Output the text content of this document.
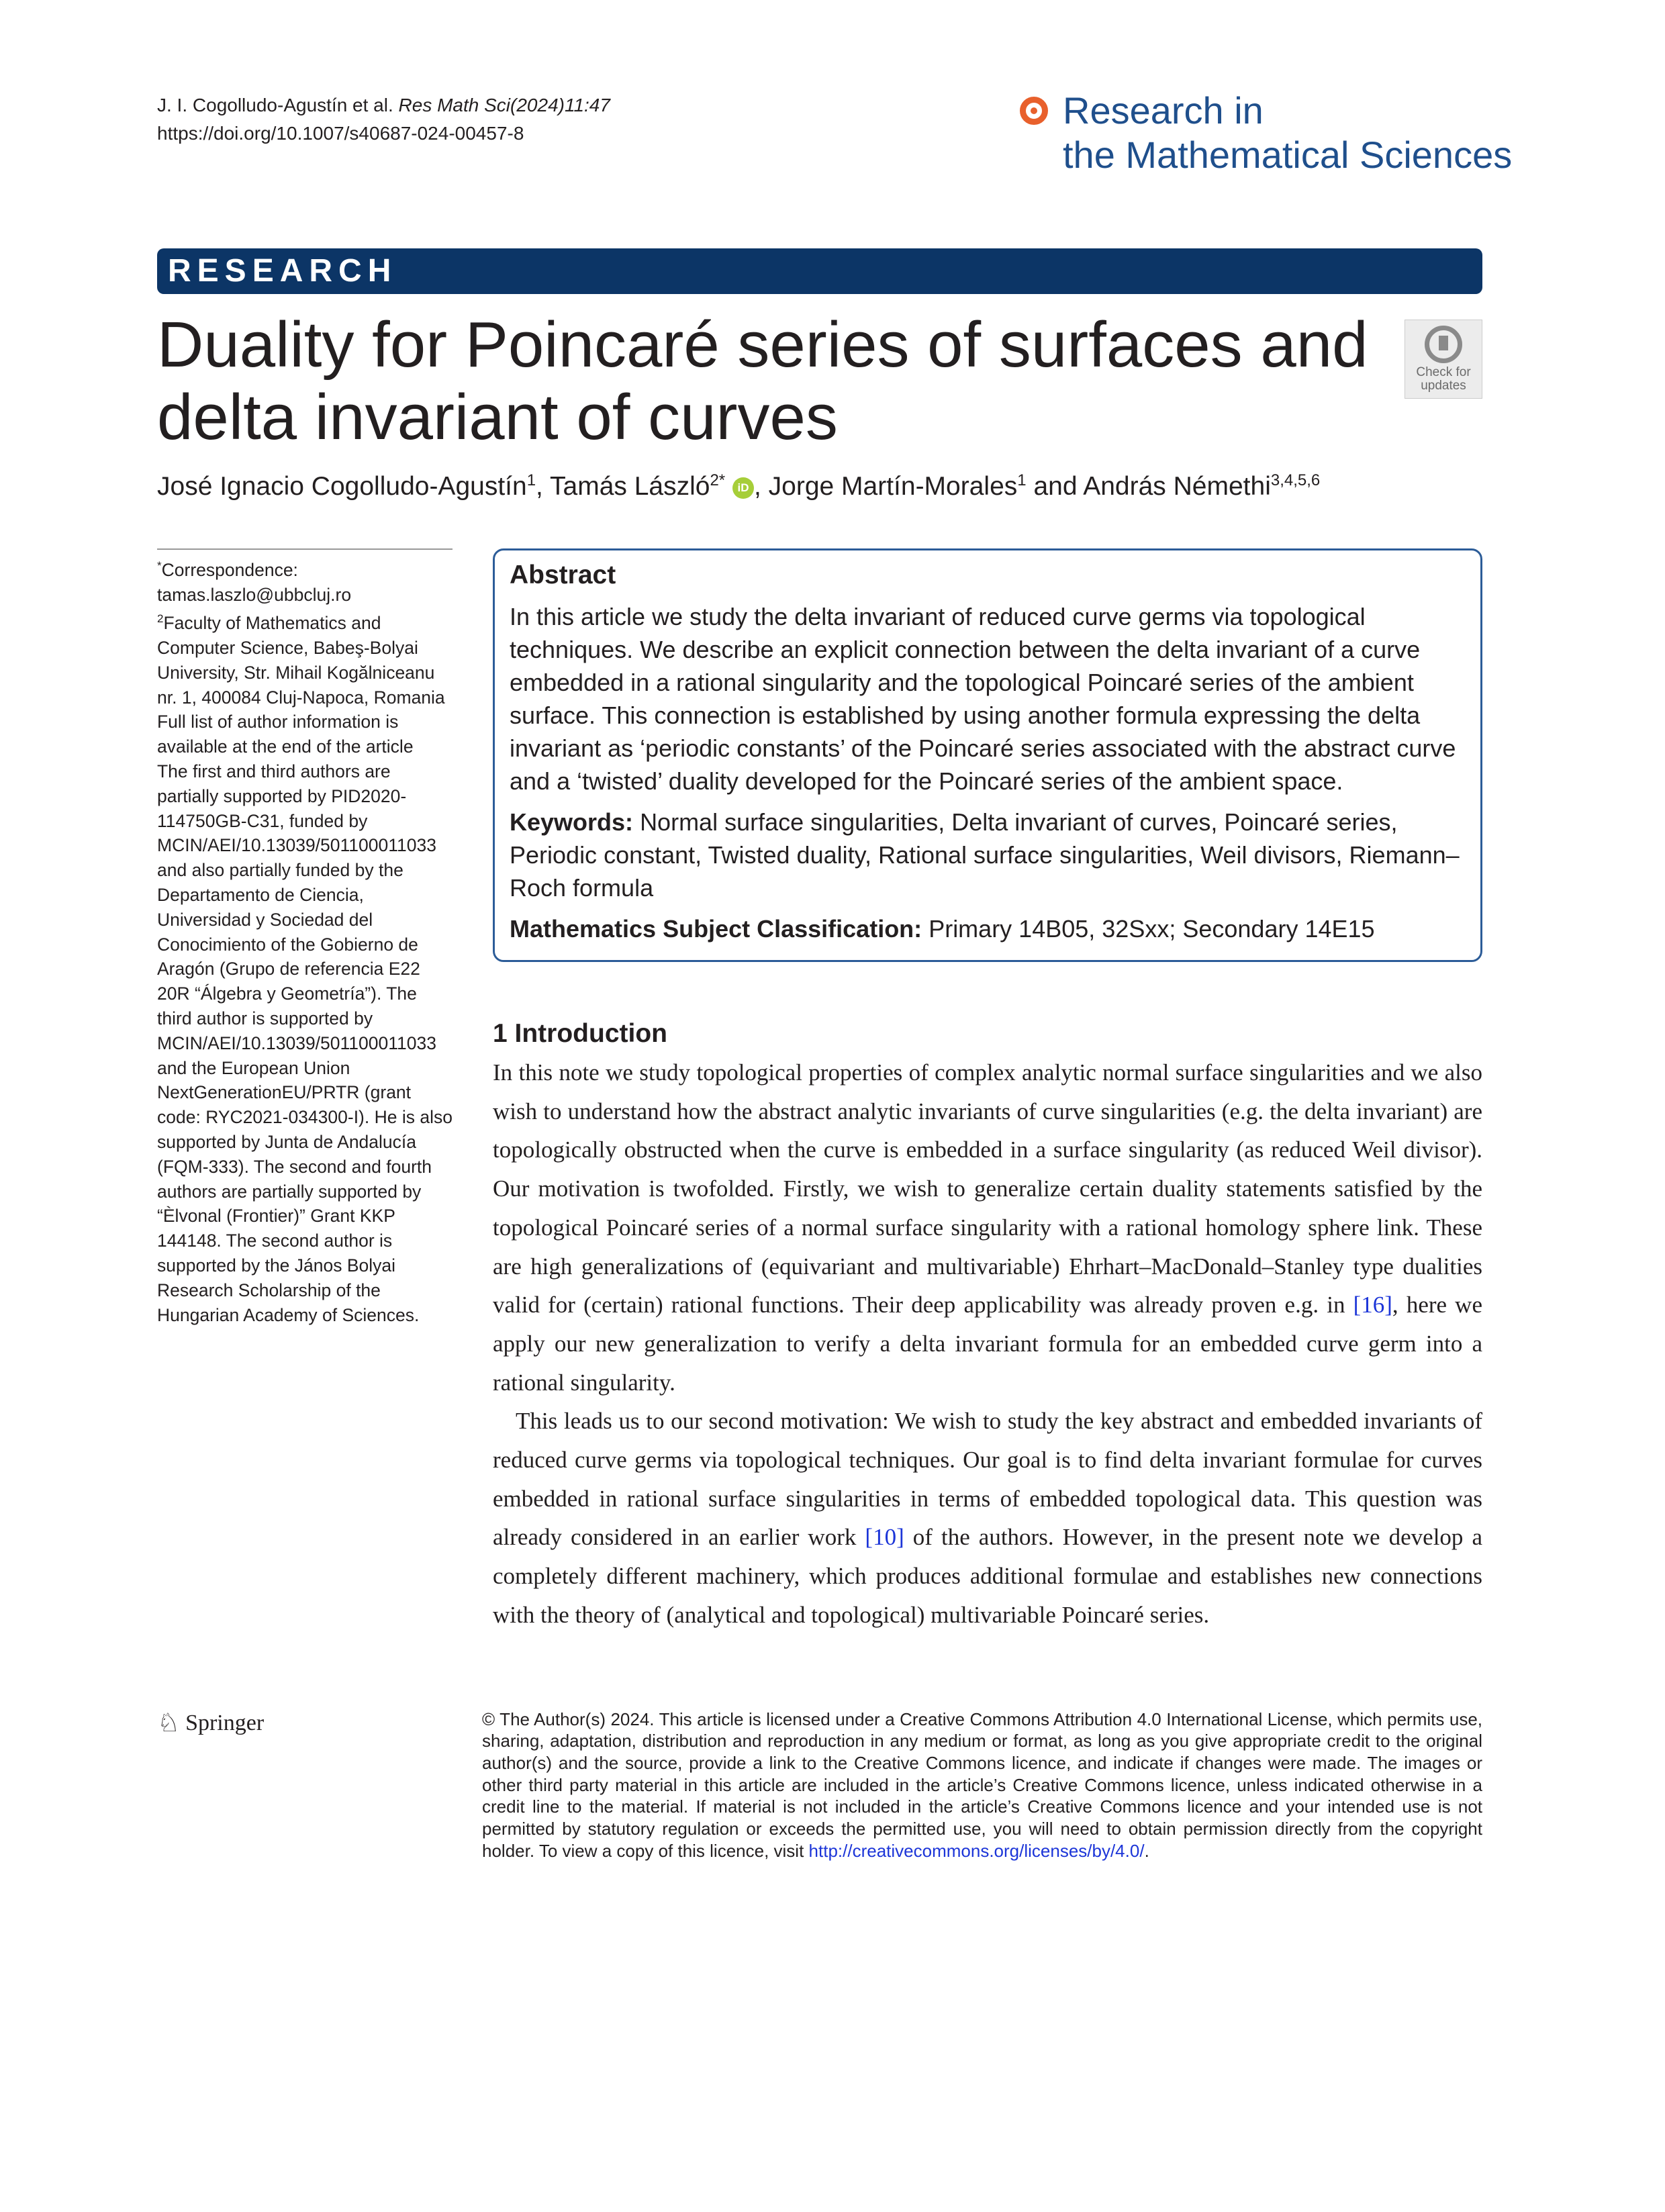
J. I. Cogolludo-Agustín et al. Res Math Sci(2024)11:47
https://doi.org/10.1007/s40687-024-00457-8
Research in
the Mathematical Sciences
RESEARCH
Duality for Poincaré series of surfaces and
delta invariant of curves
Check for
updates
José Ignacio Cogolludo-Agustín$^1$, Tamás László$^{2*}$ iD , Jorge Martín-Morales$^1$ and András Némethi$^{3,4,5,6}$
*Correspondence:
tamas.laszlo@ubbcluj.ro
$^2$Faculty of Mathematics and Computer Science, Babeş-Bolyai University, Str. Mihail Kogălniceanu nr. 1, 400084 Cluj-Napoca, Romania
Full list of author information is available at the end of the article
The first and third authors are partially supported by PID2020-114750GB-C31, funded by MCIN/AEI/10.13039/501100011033 and also partially funded by the Departamento de Ciencia, Universidad y Sociedad del Conocimiento of the Gobierno de Aragón (Grupo de referencia E22 20R “Álgebra y Geometría”). The third author is supported by MCIN/AEI/10.13039/501100011033 and the European Union NextGenerationEU/PRTR (grant code: RYC2021-034300-I). He is also supported by Junta de Andalucía (FQM-333). The second and fourth authors are partially supported by “Èlvonal (Frontier)” Grant KKP 144148. The second author is supported by the János Bolyai Research Scholarship of the Hungarian Academy of Sciences.
Abstract

In this article we study the delta invariant of reduced curve germs via topological techniques. We describe an explicit connection between the delta invariant of a curve embedded in a rational singularity and the topological Poincaré series of the ambient surface. This connection is established by using another formula expressing the delta invariant as ‘periodic constants’ of the Poincaré series associated with the abstract curve and a ‘twisted’ duality developed for the Poincaré series of the ambient space.

Keywords: Normal surface singularities, Delta invariant of curves, Poincaré series, Periodic constant, Twisted duality, Rational surface singularities, Weil divisors, Riemann–Roch formula

Mathematics Subject Classification: Primary 14B05, 32Sxx; Secondary 14E15

1 Introduction

In this note we study topological properties of complex analytic normal surface singularities and we also wish to understand how the abstract analytic invariants of curve singularities (e.g. the delta invariant) are topologically obstructed when the curve is embedded in a surface singularity (as reduced Weil divisor). Our motivation is twofolded. Firstly, we wish to generalize certain duality statements satisfied by the topological Poincaré series of a normal surface singularity with a rational homology sphere link. These are high generalizations of (equivariant and multivariable) Ehrhart–MacDonald–Stanley type dualities valid for (certain) rational functions. Their deep applicability was already proven e.g. in [16], here we apply our new generalization to verify a delta invariant formula for an embedded curve germ into a rational singularity.

This leads us to our second motivation: We wish to study the key abstract and embedded invariants of reduced curve germs via topological techniques. Our goal is to find delta invariant formulae for curves embedded in rational surface singularities in terms of embedded topological data. This question was already considered in an earlier work [10] of the authors. However, in the present note we develop a completely different machinery, which produces additional formulae and establishes new connections with the theory of (analytical and topological) multivariable Poincaré series.

♘ Springer	© The Author(s) 2024. This article is licensed under a Creative Commons Attribution 4.0 International License, which permits use, sharing, adaptation, distribution and reproduction in any medium or format, as long as you give appropriate credit to the original author(s) and the source, provide a link to the Creative Commons licence, and indicate if changes were made. The images or other third party material in this article are included in the article’s Creative Commons licence, unless indicated otherwise in a credit line to the material. If material is not included in the article’s Creative Commons licence and your intended use is not permitted by statutory regulation or exceeds the permitted use, you will need to obtain permission directly from the copyright holder. To view a copy of this licence, visit http://creativecommons.org/licenses/by/4.0/.
